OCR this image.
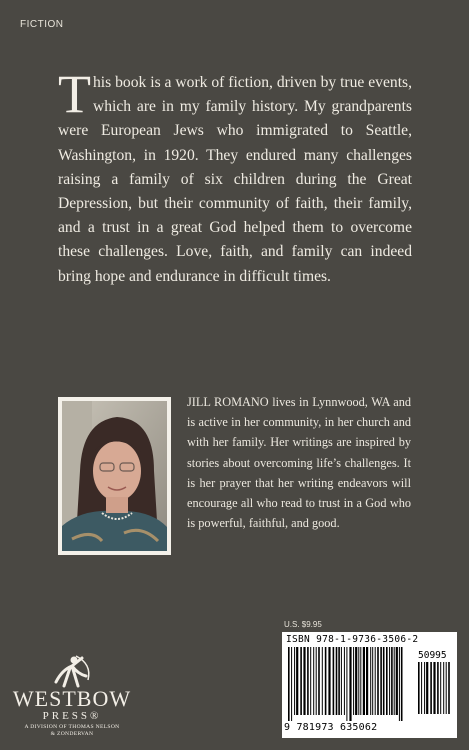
FICTION
This book is a work of fiction, driven by true events, which are in my family history. My grandparents were European Jews who immigrated to Seattle, Washington, in 1920. They endured many challenges raising a family of six children during the Great Depression, but their community of faith, their family, and a trust in a great God helped them to overcome these challenges. Love, faith, and family can indeed bring hope and endurance in difficult times.
JILL ROMANO lives in Lynnwood, WA and is active in her community, in her church and with her family. Her writings are inspired by stories about overcoming life’s challenges. It is her prayer that her writing endeavors will encourage all who read to trust in a God who is powerful, faithful, and good.
U.S. $9.95
ISBN 978-1-9736-3506-2
50995
9 781973 635062
WESTBOW
PRESS®
A DIVISION OF THOMAS NELSON
& ZONDERVAN
